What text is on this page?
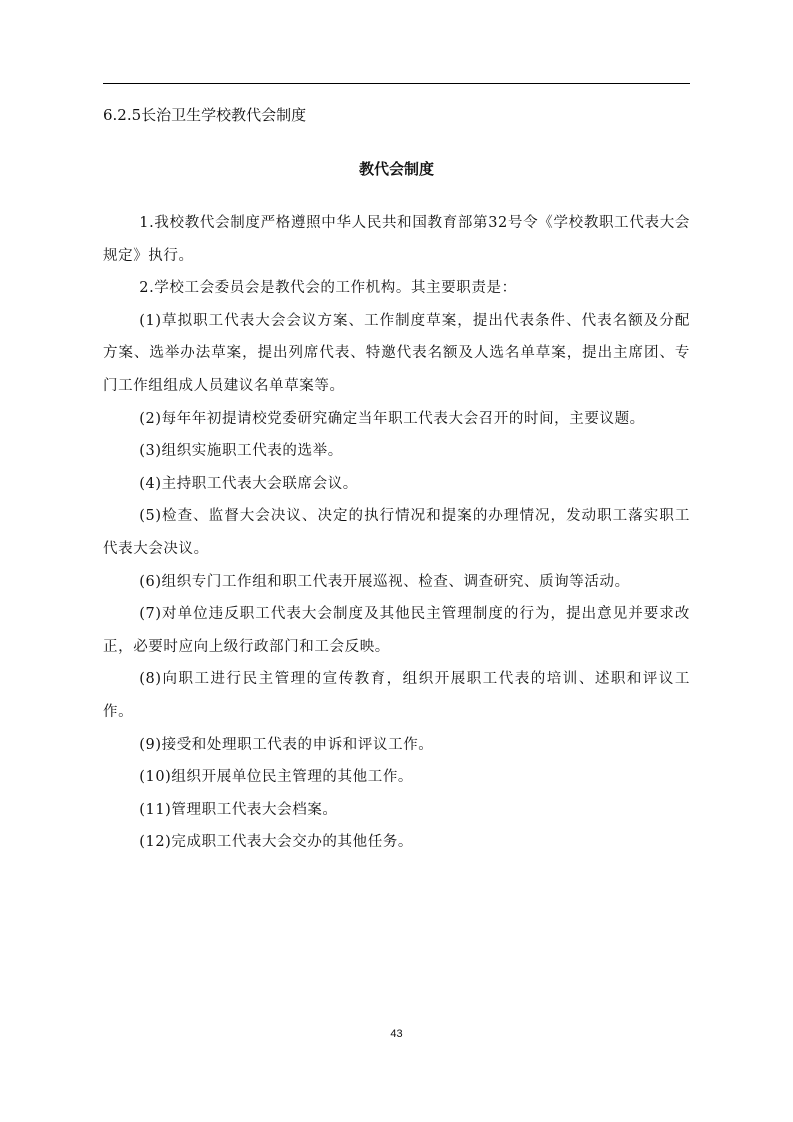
6.2.5长治卫生学校教代会制度
教代会制度

1.我校教代会制度严格遵照中华人民共和国教育部第32号令《学校教职工代表大会规定》执行。

2.学校工会委员会是教代会的工作机构。其主要职责是：

(1)草拟职工代表大会会议方案、工作制度草案，提出代表条件、代表名额及分配方案、选举办法草案，提出列席代表、特邀代表名额及人选名单草案，提出主席团、专门工作组组成人员建议名单草案等。

(2)每年年初提请校党委研究确定当年职工代表大会召开的时间，主要议题。

(3)组织实施职工代表的选举。

(4)主持职工代表大会联席会议。

(5)检查、监督大会决议、决定的执行情况和提案的办理情况，发动职工落实职工代表大会决议。

(6)组织专门工作组和职工代表开展巡视、检查、调查研究、质询等活动。

(7)对单位违反职工代表大会制度及其他民主管理制度的行为，提出意见并要求改正，必要时应向上级行政部门和工会反映。

(8)向职工进行民主管理的宣传教育，组织开展职工代表的培训、述职和评议工作。

(9)接受和处理职工代表的申诉和评议工作。

(10)组织开展单位民主管理的其他工作。

(11)管理职工代表大会档案。

(12)完成职工代表大会交办的其他任务。

43
